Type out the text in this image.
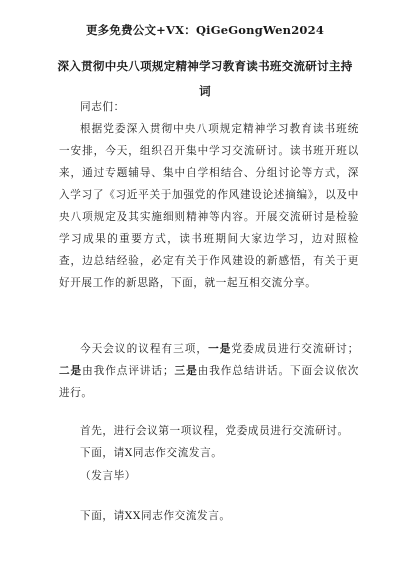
更多免费公文+VX：QiGeGongWen2024
深入贯彻中央八项规定精神学习教育读书班交流研讨主持词
同志们：
根据党委深入贯彻中央八项规定精神学习教育读书班统一安排，今天，组织召开集中学习交流研讨。读书班开班以来，通过专题辅导、集中自学相结合、分组讨论等方式，深入学习了《习近平关于加强党的作风建设论述摘编》，以及中央八项规定及其实施细则精神等内容。开展交流研讨是检验学习成果的重要方式，读书班期间大家边学习，边对照检查，边总结经验，必定有关于作风建设的新感悟，有关于更好开展工作的新思路，下面，就一起互相交流分享。
今天会议的议程有三项，一是党委成员进行交流研讨；二是由我作点评讲话；三是由我作总结讲话。下面会议依次进行。
首先，进行会议第一项议程，党委成员进行交流研讨。
下面，请X同志作交流发言。
（发言毕）
下面，请XX同志作交流发言。
